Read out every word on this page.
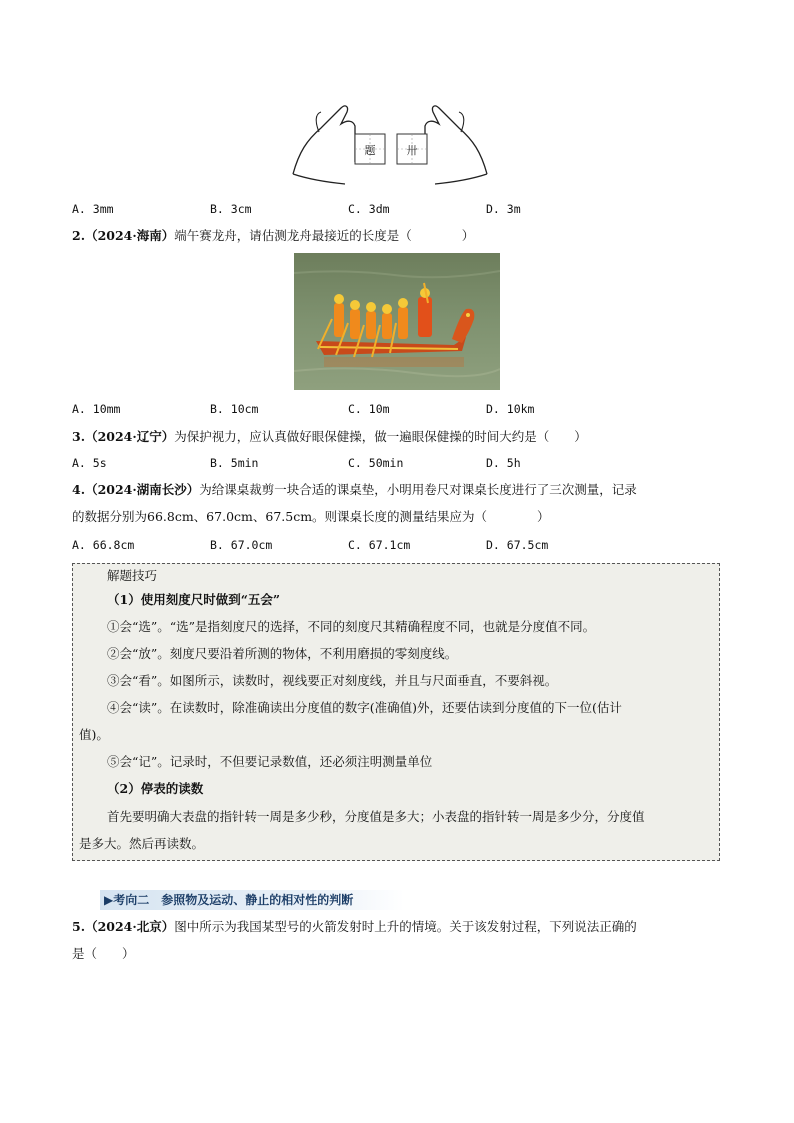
题	卅
A. 3mm	B. 3cm	C. 3dm	D. 3m
2.（2024·海南）端午赛龙舟，请估测龙舟最接近的长度是（　　　　）
A. 10mm	B. 10cm	C. 10m	D. 10km
3.（2024·辽宁）为保护视力，应认真做好眼保健操，做一遍眼保健操的时间大约是（　　）
A. 5s	B. 5min	C. 50min	D. 5h
4.（2024·湖南长沙）为给课桌裁剪一块合适的课桌垫，小明用卷尺对课桌长度进行了三次测量，记录
的数据分别为66.8cm、67.0cm、67.5cm。则课桌长度的测量结果应为（　　　　）
A. 66.8cm	B. 67.0cm	C. 67.1cm	D. 67.5cm
解题技巧
（1）使用刻度尺时做到“五会”
①会“选”。“选”是指刻度尺的选择，不同的刻度尺其精确程度不同，也就是分度值不同。
②会“放”。刻度尺要沿着所测的物体，不利用磨损的零刻度线。
③会“看”。如图所示，读数时，视线要正对刻度线，并且与尺面垂直，不要斜视。
④会“读”。在读数时，除准确读出分度值的数字(准确值)外，还要估读到分度值的下一位(估计
值)。
⑤会“记”。记录时，不但要记录数值，还必须注明测量单位
（2）停表的读数
首先要明确大表盘的指针转一周是多少秒，分度值是多大；小表盘的指针转一周是多少分，分度值
是多大。然后再读数。
▶考向二　参照物及运动、静止的相对性的判断
5.（2024·北京）图中所示为我国某型号的火箭发射时上升的情境。关于该发射过程，下列说法正确的
是（　　）
